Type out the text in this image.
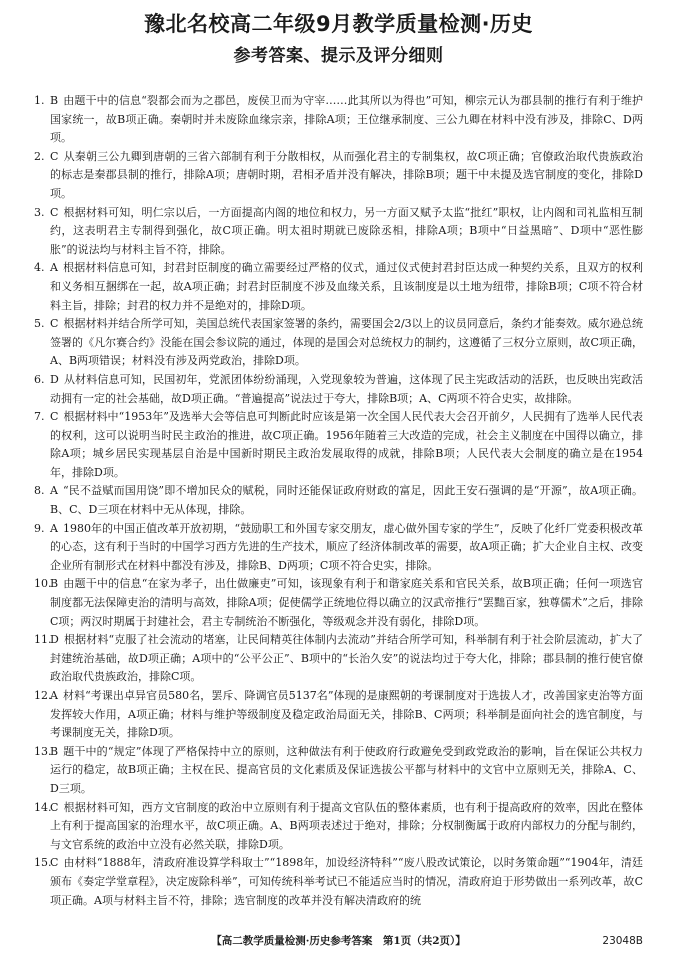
豫北名校高二年级9月教学质量检测·历史
参考答案、提示及评分细则
1. B 由题干中的信息“裂都会而为之郡邑，废侯卫而为守宰……此其所以为得也”可知，柳宗元认为郡县制的推行有利于维护国家统一，故B项正确。秦朝时并未废除血缘宗亲，排除A项；王位继承制度、三公九卿在材料中没有涉及，排除C、D两项。
2. C 从秦朝三公九卿到唐朝的三省六部制有利于分散相权，从而强化君主的专制集权，故C项正确；官僚政治取代贵族政治的标志是秦郡县制的推行，排除A项；唐朝时期，君相矛盾并没有解决，排除B项；题干中未提及选官制度的变化，排除D项。
3. C 根据材料可知，明仁宗以后，一方面提高内阁的地位和权力，另一方面又赋予太监“批红”职权，让内阁和司礼监相互制约，这表明君主专制得到强化，故C项正确。明太祖时期就已废除丞相，排除A项；B项中“日益黑暗”、D项中“恶性膨胀”的说法均与材料主旨不符，排除。
4. A 根据材料信息可知，封君封臣制度的确立需要经过严格的仪式，通过仪式使封君封臣达成一种契约关系，且双方的权利和义务相互捆绑在一起，故A项正确；封君封臣制度不涉及血缘关系，且该制度是以土地为纽带，排除B项；C项不符合材料主旨，排除；封君的权力并不是绝对的，排除D项。
5. C 根据材料并结合所学可知，美国总统代表国家签署的条约，需要国会2/3以上的议员同意后，条约才能奏效。威尔逊总统签署的《凡尔赛合约》没能在国会参议院的通过，体现的是国会对总统权力的制约，这遵循了三权分立原则，故C项正确，A、B两项错误；材料没有涉及两党政治，排除D项。
6. D 从材料信息可知，民国初年，党派团体纷纷涌现，入党现象较为普遍，这体现了民主宪政活动的活跃，也反映出宪政活动拥有一定的社会基础，故D项正确。“普遍提高”说法过于夸大，排除B项；A、C两项不符合史实，故排除。
7. C 根据材料中“1953年”及选举大会等信息可判断此时应该是第一次全国人民代表大会召开前夕，人民拥有了选举人民代表的权利，这可以说明当时民主政治的推进，故C项正确。1956年随着三大改造的完成，社会主义制度在中国得以确立，排除A项；城乡居民实现基层自治是中国新时期民主政治发展取得的成就，排除B项；人民代表大会制度的确立是在1954年，排除D项。
8. A “民不益赋而国用饶”即不增加民众的赋税，同时还能保证政府财政的富足，因此王安石强调的是“开源”，故A项正确。B、C、D三项在材料中无从体现，排除。
9. A 1980年的中国正值改革开放初期，“鼓励职工和外国专家交朋友，虚心做外国专家的学生”，反映了化纤厂党委积极改革的心态，这有利于当时的中国学习西方先进的生产技术，顺应了经济体制改革的需要，故A项正确；扩大企业自主权、改变企业所有制形式在材料中都没有涉及，排除B、D两项；C项不符合史实，排除。
10.
B 由题干中的信息“在家为孝子，出仕做廉吏”可知，该现象有利于和谐家庭关系和官民关系，故B项正确；任何一项选官制度都无法保障吏治的清明与高效，排除A项；促使儒学正统地位得以确立的汉武帝推行“罢黜百家，独尊儒术”之后，排除C项；两汉时期属于封建社会，君主专制统治不断强化，等级观念并没有弱化，排除D项。
11.
D 根据材料“克服了社会流动的堵塞，让民间精英往体制内去流动”并结合所学可知，科举制有利于社会阶层流动，扩大了封建统治基础，故D项正确；A项中的“公平公正”、B项中的“长治久安”的说法均过于夸大化，排除；郡县制的推行使官僚政治取代贵族政治，排除C项。
12.
A 材料“考课出卓异官员580名，罢斥、降调官员5137名”体现的是康熙朝的考课制度对于选拔人才，改善国家吏治等方面发挥较大作用，A项正确；材料与维护等级制度及稳定政治局面无关，排除B、C两项；科举制是面向社会的选官制度，与考课制度无关，排除D项。
13.
B 题干中的“规定”体现了严格保持中立的原则，这种做法有利于使政府行政避免受到政党政治的影响，旨在保证公共权力运行的稳定，故B项正确；主权在民、提高官员的文化素质及保证选拔公平都与材料中的文官中立原则无关，排除A、C、D三项。
14.
C 根据材料可知，西方文官制度的政治中立原则有利于提高文官队伍的整体素质，也有利于提高政府的效率，因此在整体上有利于提高国家的治理水平，故C项正确。A、B两项表述过于绝对，排除；分权制衡属于政府内部权力的分配与制约，与文官系统的政治中立没有必然关联，排除D项。
15.
C 由材料“1888年，清政府准设算学科取士”“1898年，加设经济特科”“废八股改试策论，以时务策命题”“1904年，清廷颁布《奏定学堂章程》，决定废除科举”，可知传统科举考试已不能适应当时的情况，清政府迫于形势做出一系列改革，故C项正确。A项与材料主旨不符，排除；选官制度的改革并没有解决清政府的统
【高二教学质量检测·历史参考答案　第1页（共2页）】	23048B
